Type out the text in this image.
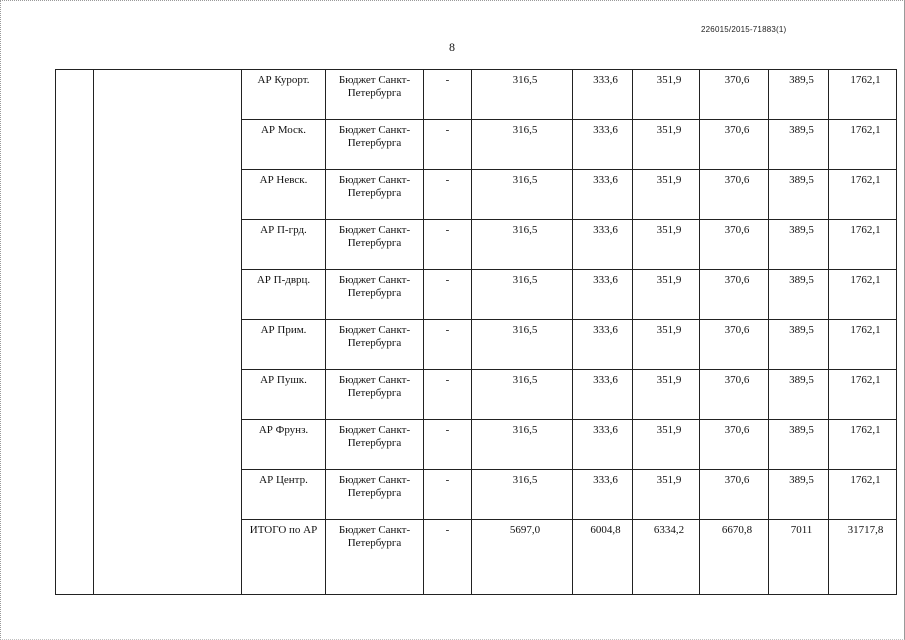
226015/2015-71883(1)
8
		АР Курорт.	Бюджет Санкт-Петербурга	-	316,5	333,6	351,9	370,6	389,5	1762,1
		АР Моск.	Бюджет Санкт-Петербурга	-	316,5	333,6	351,9	370,6	389,5	1762,1
		АР Невск.	Бюджет Санкт-Петербурга	-	316,5	333,6	351,9	370,6	389,5	1762,1
		АР П-грд.	Бюджет Санкт-Петербурга	-	316,5	333,6	351,9	370,6	389,5	1762,1
		АР П-дврц.	Бюджет Санкт-Петербурга	-	316,5	333,6	351,9	370,6	389,5	1762,1
		АР Прим.	Бюджет Санкт-Петербурга	-	316,5	333,6	351,9	370,6	389,5	1762,1
		АР Пушк.	Бюджет Санкт-Петербурга	-	316,5	333,6	351,9	370,6	389,5	1762,1
		АР Фрунз.	Бюджет Санкт-Петербурга	-	316,5	333,6	351,9	370,6	389,5	1762,1
		АР Центр.	Бюджет Санкт-Петербурга	-	316,5	333,6	351,9	370,6	389,5	1762,1
		ИТОГО по АР	Бюджет Санкт-Петербурга	-	5697,0	6004,8	6334,2	6670,8	7011	31717,8
